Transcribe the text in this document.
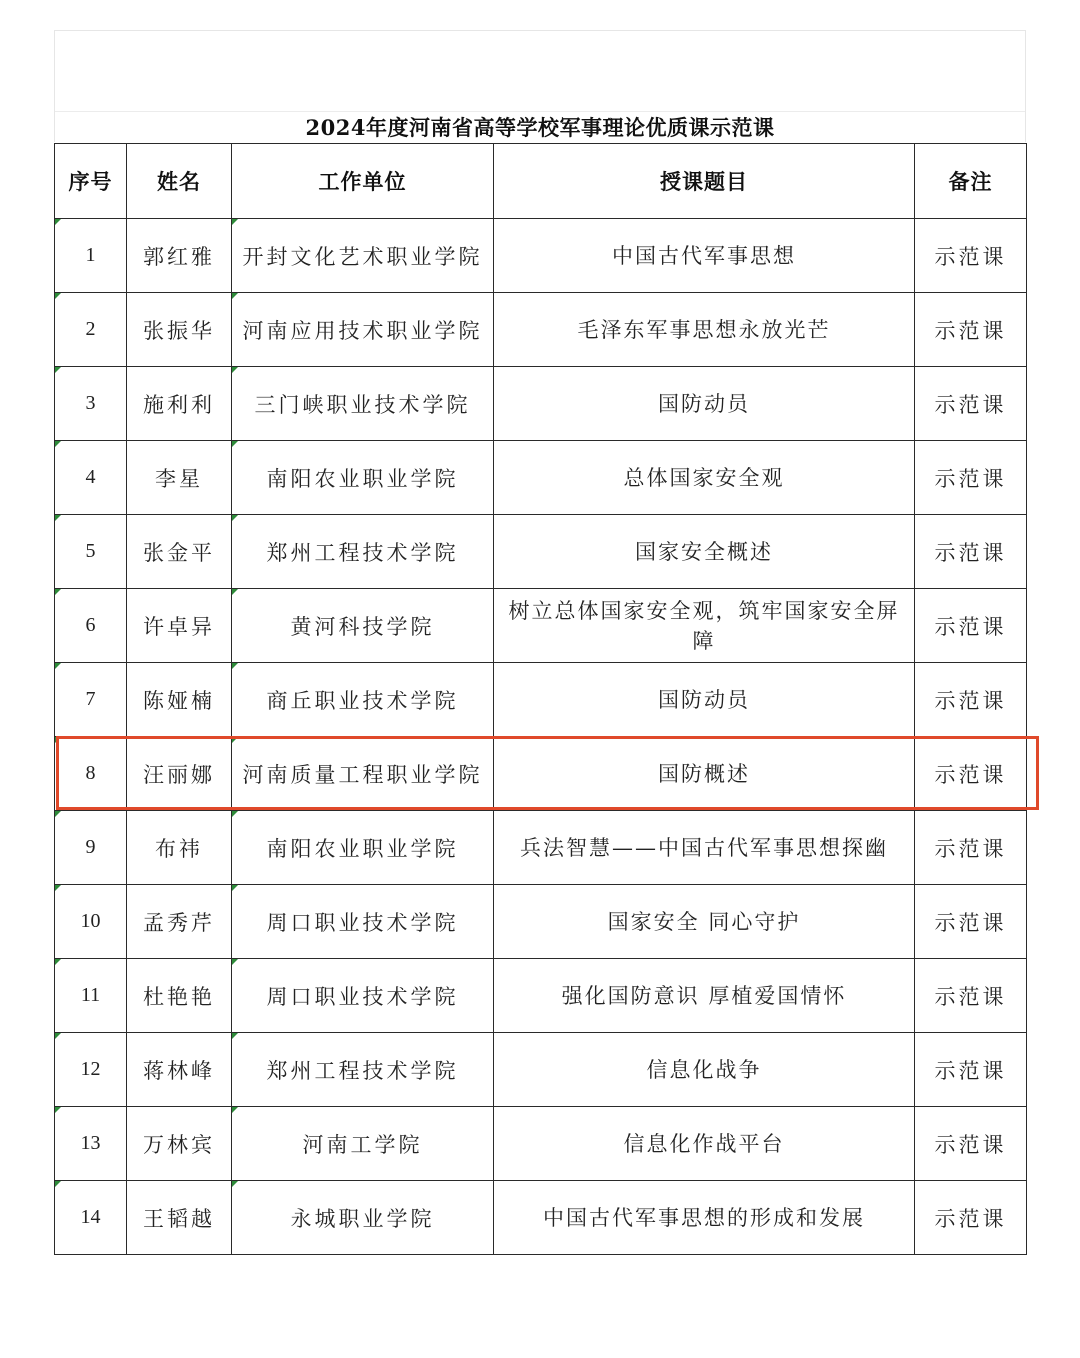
2024年度河南省高等学校军事理论优质课示范课
序号	姓名	工作单位	授课题目	备注

1	郭红雅	开封文化艺术职业学院	中国古代军事思想	示范课

2	张振华	河南应用技术职业学院	毛泽东军事思想永放光芒	示范课

3	施利利	三门峡职业技术学院	国防动员	示范课

4	李星	南阳农业职业学院	总体国家安全观	示范课

5	张金平	郑州工程技术学院	国家安全概述	示范课

6	许卓异	黄河科技学院	树立总体国家安全观，筑牢国家安全屏障	示范课

7	陈娅楠	商丘职业技术学院	国防动员	示范课

8	汪丽娜	河南质量工程职业学院	国防概述	示范课

9	布祎	南阳农业职业学院	兵法智慧——中国古代军事思想探幽	示范课

10	孟秀芹	周口职业技术学院	国家安全 同心守护	示范课

11	杜艳艳	周口职业技术学院	强化国防意识 厚植爱国情怀	示范课

12	蒋林峰	郑州工程技术学院	信息化战争	示范课

13	万林宾	河南工学院	信息化作战平台	示范课

14	王韬越	永城职业学院	中国古代军事思想的形成和发展	示范课
